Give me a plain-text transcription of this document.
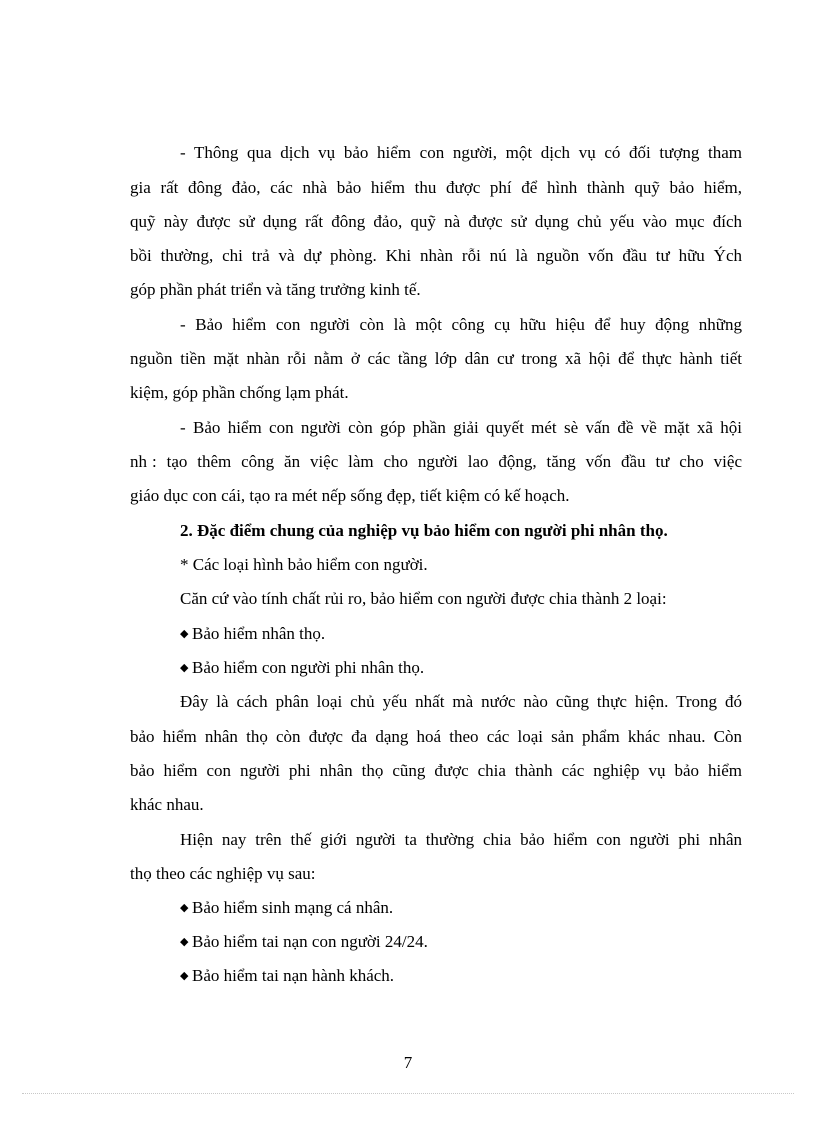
- Thông qua dịch vụ bảo hiểm con người, một dịch vụ có đối tượng tham
gia rất đông đảo, các nhà bảo hiểm thu được phí để hình thành quỹ bảo hiểm,
quỹ này được sử dụng rất đông đảo, quỹ nà được sử dụng chủ yếu vào mục đích
bồi thường, chi trả và dự phòng. Khi nhàn rỗi nú là nguồn vốn đầu tư hữu Ých
góp phần phát triển và tăng trưởng kinh tế.
- Bảo hiểm con người còn là một công cụ hữu hiệu để huy động những
nguồn tiền mặt nhàn rỗi nằm ở các tầng lớp dân cư trong xã hội để thực hành tiết
kiệm, góp phần chống lạm phát.
- Bảo hiểm con người còn góp phần giải quyết mét sè vấn đề về mặt xã hội
nh : tạo thêm công ăn việc làm cho người lao động, tăng vốn đầu tư cho việc
giáo dục con cái, tạo ra mét nếp sống đẹp, tiết kiệm có kế hoạch.
2. Đặc điểm chung của nghiệp vụ bảo hiểm con người phi nhân thọ.
* Các loại hình bảo hiểm con người.
Căn cứ vào tính chất rủi ro, bảo hiểm con người được chia thành 2 loại:
◆ Bảo hiểm nhân thọ.
◆ Bảo hiểm con người phi nhân thọ.
Đây là cách phân loại chủ yếu nhất mà nước nào cũng thực hiện. Trong đó
bảo hiểm nhân thọ còn được đa dạng hoá theo các loại sản phẩm khác nhau. Còn
bảo hiểm con người phi nhân thọ cũng được chia thành các nghiệp vụ bảo hiểm
khác nhau.
Hiện nay trên thế giới người ta thường chia bảo hiểm con người phi nhân
thọ theo các nghiệp vụ sau:
◆ Bảo hiểm sinh mạng cá nhân.
◆ Bảo hiểm tai nạn con người 24/24.
◆ Bảo hiểm tai nạn hành khách.
7
